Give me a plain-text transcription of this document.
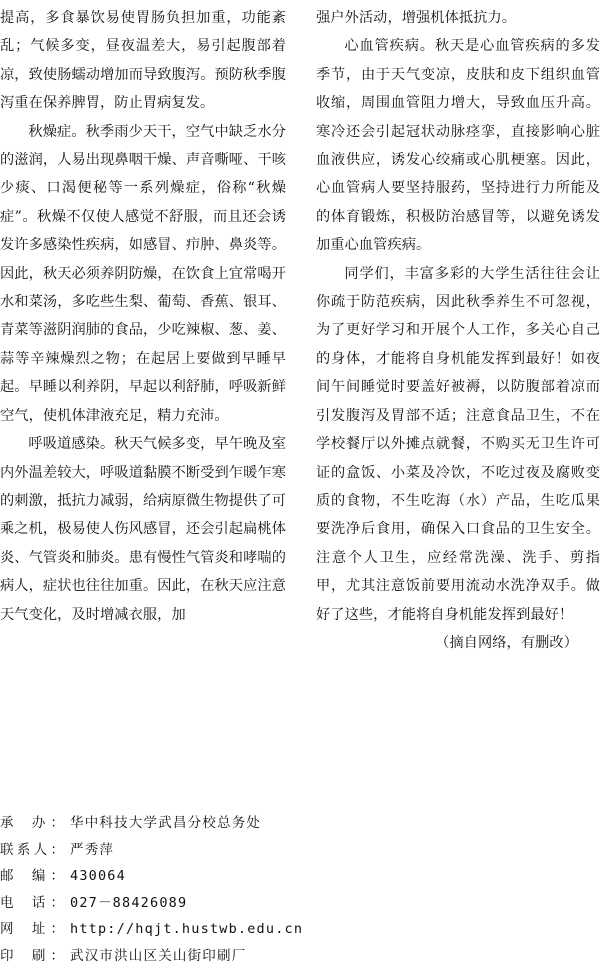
提高，多食暴饮易使胃肠负担加重，功能紊乱；气候多变，昼夜温差大，易引起腹部着凉，致使肠蠕动增加而导致腹泻。预防秋季腹泻重在保养脾胃，防止胃病复发。

秋燥症。秋季雨少天干，空气中缺乏水分的滋润，人易出现鼻咽干燥、声音嘶哑、干咳少痰、口渴便秘等一系列燥症，俗称“秋燥症”。秋燥不仅使人感觉不舒服，而且还会诱发许多感染性疾病，如感冒、疖肿、鼻炎等。因此，秋天必须养阴防燥，在饮食上宜常喝开水和菜汤，多吃些生梨、葡萄、香蕉、银耳、青菜等滋阴润肺的食品，少吃辣椒、葱、姜、蒜等辛辣燥烈之物；在起居上要做到早睡早起。早睡以利养阴，早起以利舒肺，呼吸新鲜空气，使机体津液充足，精力充沛。

呼吸道感染。秋天气候多变，早午晚及室内外温差较大，呼吸道黏膜不断受到乍暖乍寒的刺激，抵抗力减弱，给病原微生物提供了可乘之机，极易使人伤风感冒，还会引起扁桃体炎、气管炎和肺炎。患有慢性气管炎和哮喘的病人，症状也往往加重。因此，在秋天应注意天气变化，及时增减衣服，加

强户外活动，增强机体抵抗力。

心血管疾病。秋天是心血管疾病的多发季节，由于天气变凉，皮肤和皮下组织血管收缩，周围血管阻力增大，导致血压升高。寒冷还会引起冠状动脉痉挛，直接影响心脏血液供应，诱发心绞痛或心肌梗塞。因此，心血管病人要坚持服药，坚持进行力所能及的体育锻炼，积极防治感冒等，以避免诱发加重心血管疾病。

同学们，丰富多彩的大学生活往往会让你疏于防范疾病，因此秋季养生不可忽视，为了更好学习和开展个人工作，多关心自己的身体，才能将自身机能发挥到最好！如夜间午间睡觉时要盖好被褥，以防腹部着凉而引发腹泻及胃部不适；注意食品卫生，不在学校餐厅以外摊点就餐，不购买无卫生许可证的盒饭、小菜及冷饮，不吃过夜及腐败变质的食物，不生吃海（水）产品，生吃瓜果要洗净后食用，确保入口食品的卫生安全。注意个人卫生，应经常洗澡、洗手、剪指甲，尤其注意饭前要用流动水洗净双手。做好了这些，才能将自身机能发挥到最好！

（摘自网络，有删改）

承 办： 华中科技大学武昌分校总务处
联系人： 严秀萍
邮 编： 430064
电 话： 027－88426089
网 址： http://hqjt.hustwb.edu.cn
印 刷： 武汉市洪山区关山街印刷厂
